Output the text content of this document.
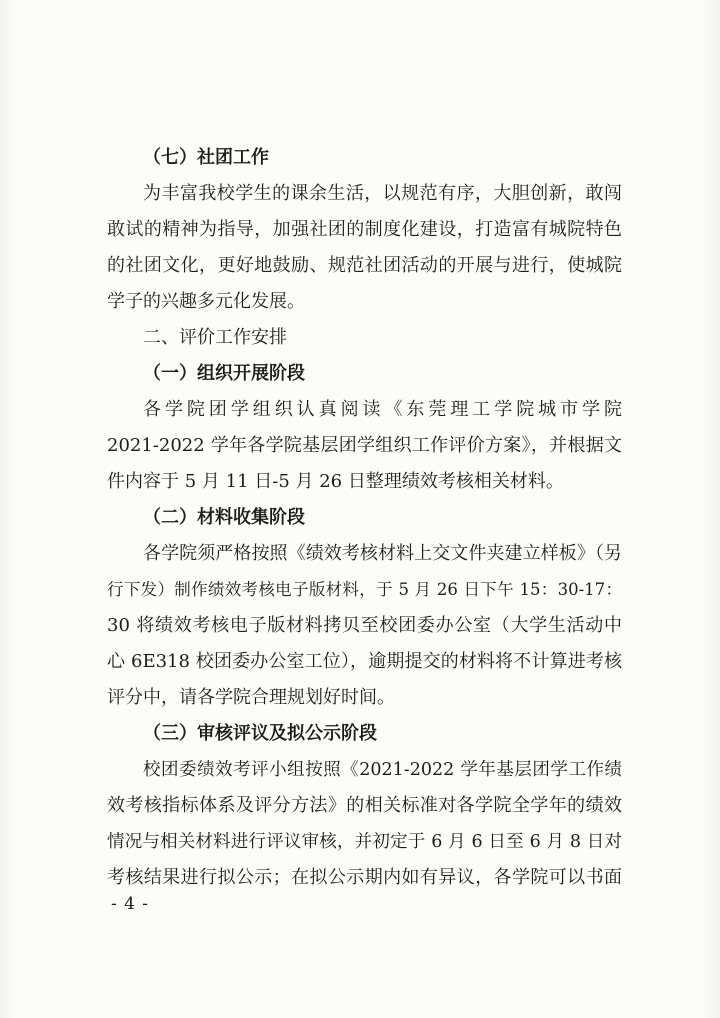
（七）社团工作
为丰富我校学生的课余生活，以规范有序，大胆创新，敢闯
敢试的精神为指导，加强社团的制度化建设，打造富有城院特色
的社团文化，更好地鼓励、规范社团活动的开展与进行，使城院
学子的兴趣多元化发展。
二、评价工作安排
（一）组织开展阶段
各学院团学组织认真阅读《东莞理工学院城市学院
2021-2022 学年各学院基层团学组织工作评价方案》，并根据文
件内容于 5 月 11 日-5 月 26 日整理绩效考核相关材料。
（二）材料收集阶段
各学院须严格按照《绩效考核材料上交文件夹建立样板》（另
行下发）制作绩效考核电子版材料，于 5 月 26 日下午 15：30-17：
30 将绩效考核电子版材料拷贝至校团委办公室（大学生活动中
心 6E318 校团委办公室工位），逾期提交的材料将不计算进考核
评分中，请各学院合理规划好时间。
（三）审核评议及拟公示阶段
校团委绩效考评小组按照《2021-2022 学年基层团学工作绩
效考核指标体系及评分方法》的相关标准对各学院全学年的绩效
情况与相关材料进行评议审核，并初定于 6 月 6 日至 6 月 8 日对
考核结果进行拟公示；在拟公示期内如有异议，各学院可以书面
- 4 -
